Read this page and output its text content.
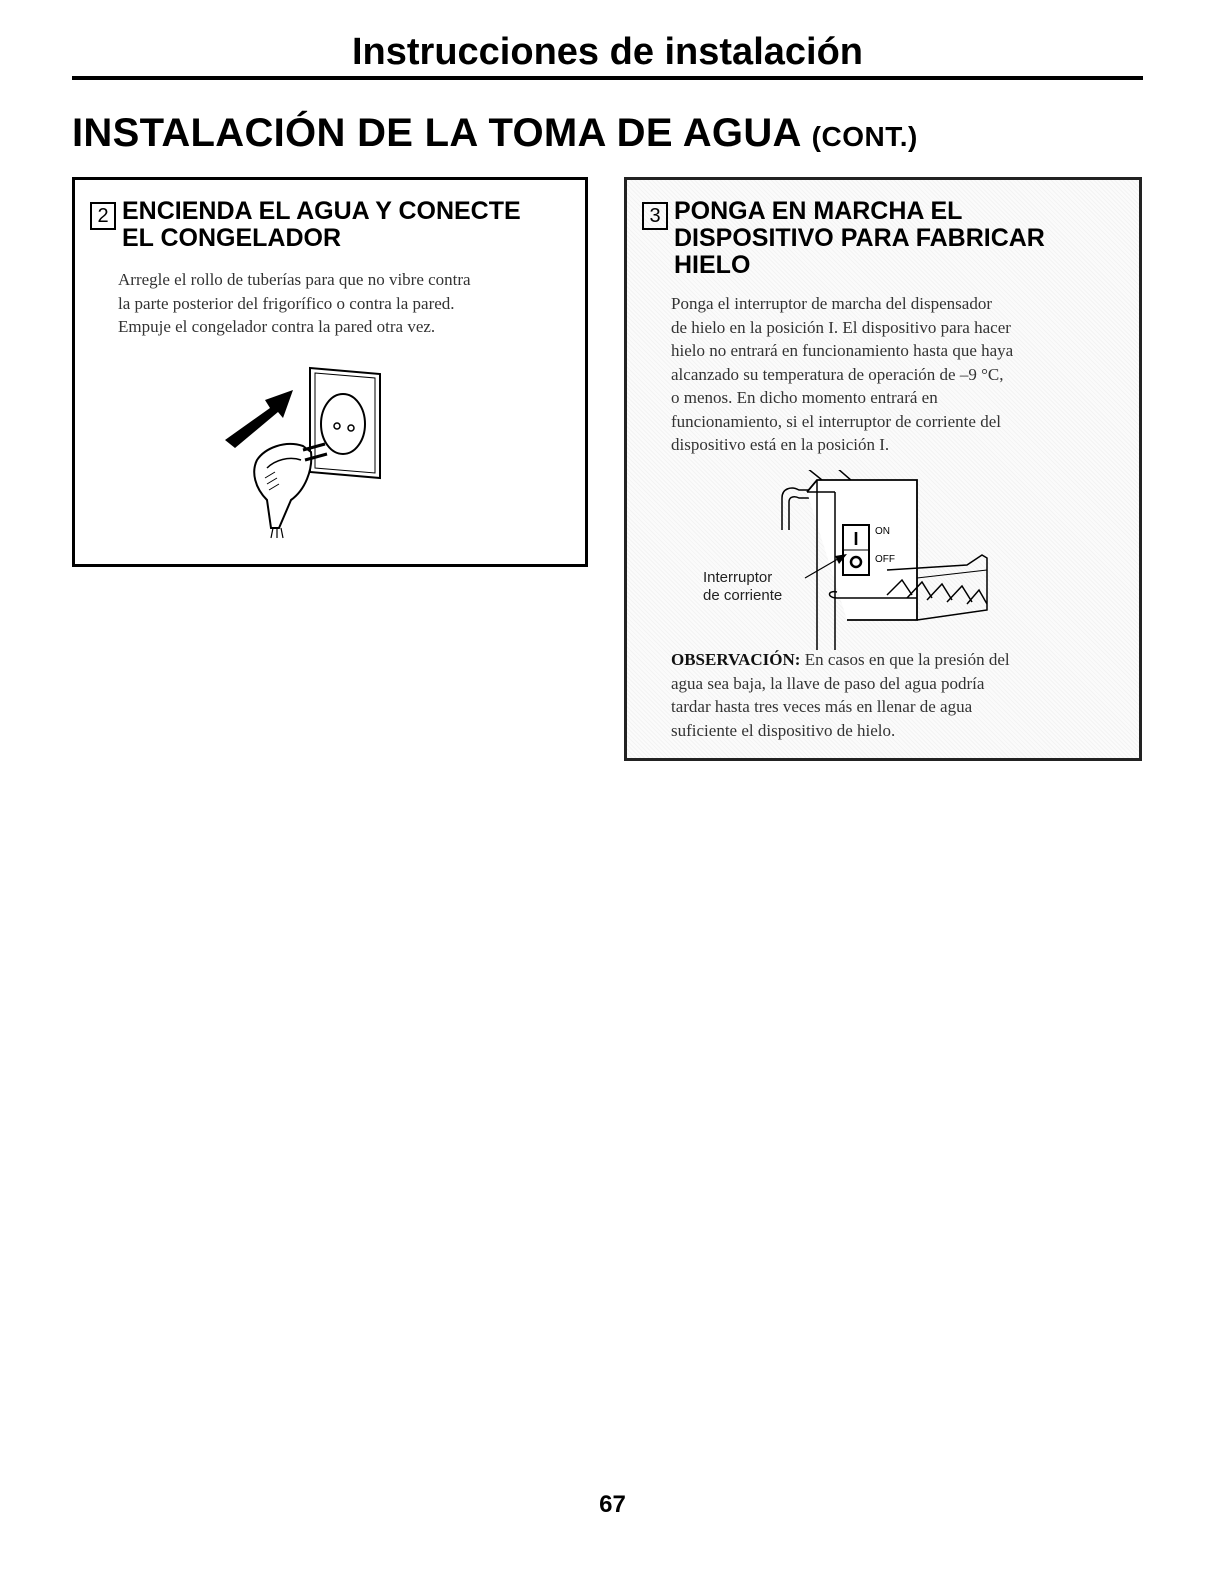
Instrucciones de instalación
INSTALACIÓN DE LA TOMA DE AGUA (CONT.)
2 ENCIENDA EL AGUA Y CONECTE
EL CONGELADOR
Arregle el rollo de tuberías para que no vibre contra
la parte posterior del frigorífico o contra la pared.
Empuje el congelador contra la pared otra vez.
3 PONGA EN MARCHA EL
DISPOSITIVO PARA FABRICAR
HIELO
Ponga el interruptor de marcha del dispensador
de hielo en la posición I. El dispositivo para hacer
hielo no entrará en funcionamiento hasta que haya
alcanzado su temperatura de operación de –9 °C,
o menos. En dicho momento entrará en
funcionamiento, si el interruptor de corriente del
dispositivo está en la posición I.
I ON
OFF
Interruptor
de corriente
OBSERVACIÓN: En casos en que la presión del
agua sea baja, la llave de paso del agua podría
tardar hasta tres veces más en llenar de agua
suficiente el dispositivo de hielo.
67
